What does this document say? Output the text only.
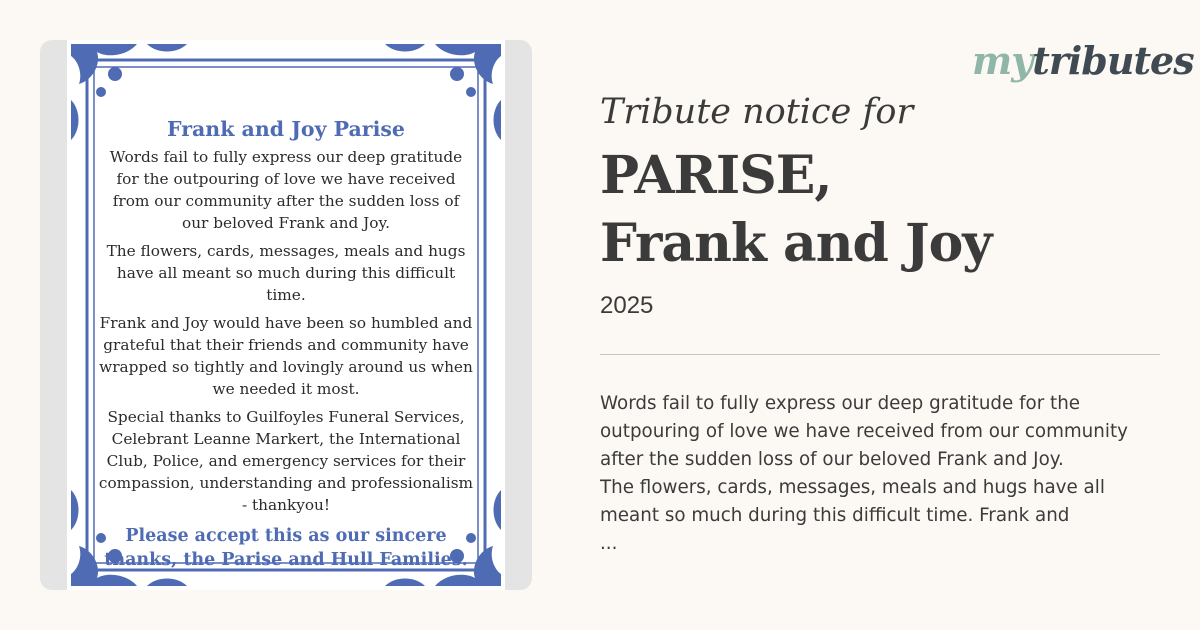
Frank and Joy Parise

Words fail to fully express our deep gratitude for the outpouring of love we have received from our community after the sudden loss of our beloved Frank and Joy.

The flowers, cards, messages, meals and hugs have all meant so much during this difficult time.

Frank and Joy would have been so humbled and grateful that their friends and community have wrapped so tightly and lovingly around us when we needed it most.

Special thanks to Guilfoyles Funeral Services, Celebrant Leanne Markert, the International Club, Police, and emergency services for their compassion, understanding and professionalism - thankyou!

Please accept this as our sincere thanks, the Parise and Hull Families.
mytributes
Tribute notice for
PARISE,
Frank and Joy
2025
Words fail to fully express our deep gratitude for the
outpouring of love we have received from our community
after the sudden loss of our beloved Frank and Joy.
The flowers, cards, messages, meals and hugs have all
meant so much during this difficult time. Frank and
...
